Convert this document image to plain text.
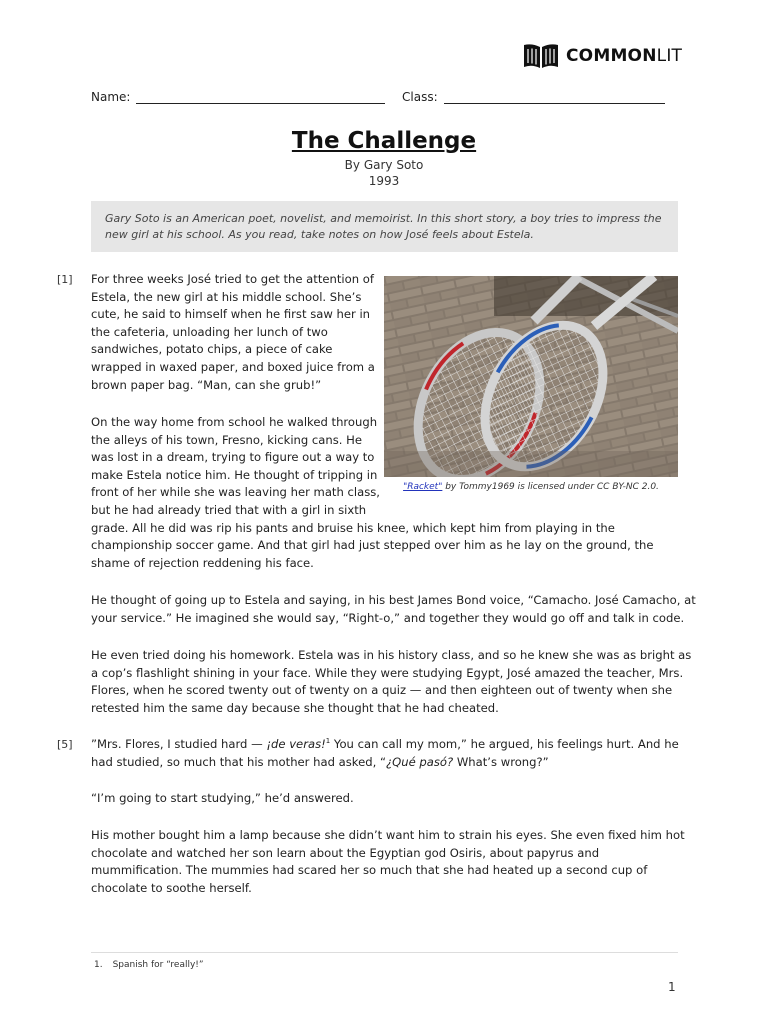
COMMONLIT
Name:	Class:
The Challenge
By Gary Soto
1993
Gary Soto is an American poet, novelist, and memoirist. In this short story, a boy tries to impress the new girl at his school. As you read, take notes on how José feels about Estela.
[1]
[5]
For three weeks José tried to get the attention of
Estela, the new girl at his middle school. She’s
cute, he said to himself when he first saw her in
the cafeteria, unloading her lunch of two
sandwiches, potato chips, a piece of cake
wrapped in waxed paper, and boxed juice from a
brown paper bag. “Man, can she grub!”
On the way home from school he walked through
the alleys of his town, Fresno, kicking cans. He
was lost in a dream, trying to figure out a way to
make Estela notice him. He thought of tripping in
front of her while she was leaving her math class,
but he had already tried that with a girl in sixth
grade. All he did was rip his pants and bruise his knee, which kept him from playing in the
championship soccer game. And that girl had just stepped over him as he lay on the ground, the
shame of rejection reddening his face.
"Racket" by Tommy1969 is licensed under CC BY-NC 2.0.
He thought of going up to Estela and saying, in his best James Bond voice, “Camacho. José Camacho, at
your service.” He imagined she would say, “Right-o,” and together they would go off and talk in code.
He even tried doing his homework. Estela was in his history class, and so he knew she was as bright as
a cop’s flashlight shining in your face. While they were studying Egypt, José amazed the teacher, Mrs.
Flores, when he scored twenty out of twenty on a quiz — and then eighteen out of twenty when she
retested him the same day because she thought that he had cheated.
”Mrs. Flores, I studied hard — ¡de veras!$^1$ You can call my mom,” he argued, his feelings hurt. And he
had studied, so much that his mother had asked, “¿Qué pasó? What’s wrong?”
“I’m going to start studying,” he’d answered.
His mother bought him a lamp because she didn’t want him to strain his eyes. She even fixed him hot
chocolate and watched her son learn about the Egyptian god Osiris, about papyrus and
mummification. The mummies had scared her so much that she had heated up a second cup of
chocolate to soothe herself.
1. Spanish for “really!”
1
